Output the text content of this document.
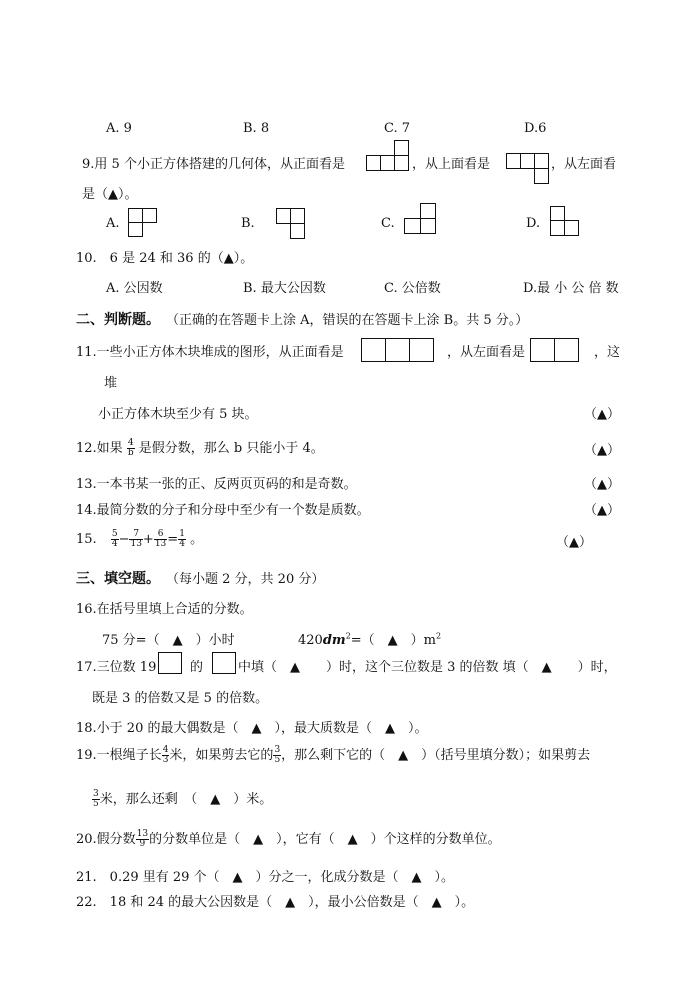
A. 9	B. 8	C. 7	D.6
9.用 5 个小正方体搭建的几何体，从正面看是	，从上面看是	，从左面看
是（▲）。
A.	B.	C.	D.
10.　6 是 24 和 36 的（▲）。
A. 公因数	B. 最大公因数	C. 公倍数	D.最 小 公 倍 数
二、判断题。 （正确的在答题卡上涂 A，错误的在答题卡上涂 B。共 5 分。）
11.一些小正方体木块堆成的图形，从正面看是	，从左面看是	，这
堆
小正方体木块至少有 5 块。	（▲）
12.如果 $\frac{4}{b}$ 是假分数，那么 b 只能小于 4。	（▲）
13.一本书某一张的正、反两页页码的和是奇数。	（▲）
14.最简分数的分子和分母中至少有一个数是质数。	（▲）
15. $\frac{5}{4} - \frac{7}{13} + \frac{6}{13} = \frac{1}{4}$ 。	（▲）
三、填空题。 （每小题 2 分，共 20 分）
16.在括号里填上合适的分数。
75 分=（　▲　）小时	$420dm^2=$（　▲　）$m^2$
17.三位数 19	的	中填（　▲　　）时，这个三位数是 3 的倍数 填（　▲　　）时，
既是 3 的倍数又是 5 的倍数。
18.小于 20 的最大偶数是（　▲　），最大质数是（　▲　）。
19.一根绳子长 $\frac{4}{3}$ 米，如果剪去它的 $\frac{3}{5}$ ，那么剩下它的（　▲　）（括号里填分数）；如果剪去
$\frac{3}{5}$ 米，那么还剩　（　▲　）米。
20.假分数 $\frac{13}{9}$ 的分数单位是（　▲　），它有（　▲　）个这样的分数单位。
21.　0.29 里有 29 个（　▲　）分之一，化成分数是（　▲　）。
22.　18 和 24 的最大公因数是（　▲　），最小公倍数是（　▲　）。
